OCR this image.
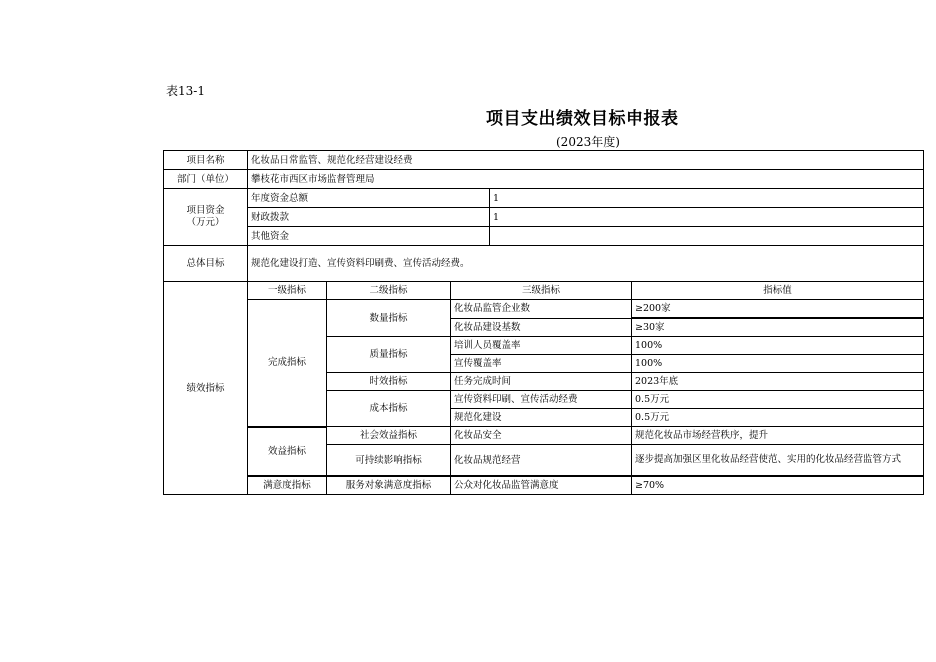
表13-1
项目支出绩效目标申报表
(2023年度)
项目名称	化妆品日常监管、规范化经营建设经费				
部门（单位）	攀枝花市西区市场监督管理局				
项目资金
（万元）	年度资金总额			1	
	财政拨款			1	
	其他资金				
总体目标	规范化建设打造、宣传资料印刷费、宣传活动经费。				
绩效指标	一级指标	二级指标	三级指标		指标值
	完成指标	数量指标	化妆品监管企业数		≥200家
			化妆品建设基数		≥30家
		质量指标	培训人员覆盖率		100%
			宣传覆盖率		100%
		时效指标	任务完成时间		2023年底
		成本指标	宣传资料印刷、宣传活动经费		0.5万元
			规范化建设		0.5万元
	效益指标	社会效益指标	化妆品安全		规范化妆品市场经营秩序，提升
		可持续影响指标	化妆品规范经营		逐步提高加强区里化妆品经营使范、实用的化妆品经营监管方式
	满意度指标	服务对象满意度指标	公众对化妆品监管满意度		≥70%
